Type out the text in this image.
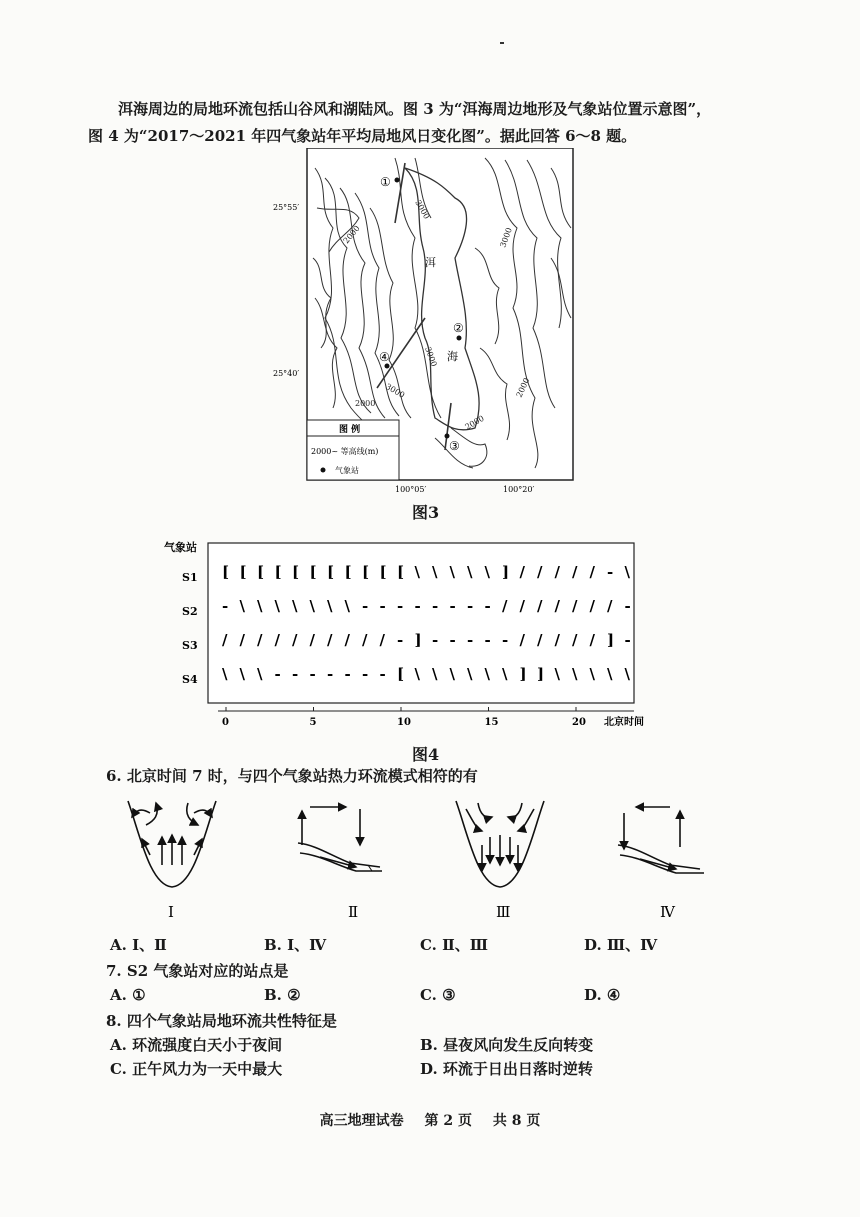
洱海周边的局地环流包括山谷风和湖陆风。图 3 为“洱海周边地形及气象站位置示意图”，

图 4 为“2017～2021 年四气象站年平均局地风日变化图”。据此回答 6～8 题。

3000
2000	3000
2000
3000
2000
3000
2000
洱
海
①
②
③
④
25°55′
25°40′
100°05′	100°20′
图 例
2000~ 等高线(m)
气象站
图3
气象站
S1
S2
S3
S4
[ [ [ [ [ [ [ [ [ [ [ \ \ \ \ \ ] / / / / / - \
- \ \ \ \ \ \ \ - - - - - - - - / / / / / / / -
/ / / / / / / / / / - ] - - - - - / / / / / ] -
\ \ \ - - - - - - - [ \ \ \ \ \ \ ] ] \ \ \ \ \
0	5	10	15	20 北京时间
图4
6. 北京时间 7 时，与四个气象站热力环流模式相符的有
Ⅰ	Ⅱ	Ⅲ	Ⅳ
A. Ⅰ、Ⅱ	B. Ⅰ、Ⅳ	C. Ⅱ、Ⅲ	D. Ⅲ、Ⅳ
7. S2 气象站对应的站点是
A. ①	B. ②	C. ③	D. ④
8. 四个气象站局地环流共性特征是
A. 环流强度白天小于夜间	B. 昼夜风向发生反向转变
C. 正午风力为一天中最大	D. 环流于日出日落时逆转
高三地理试卷 第 2 页 共 8 页
